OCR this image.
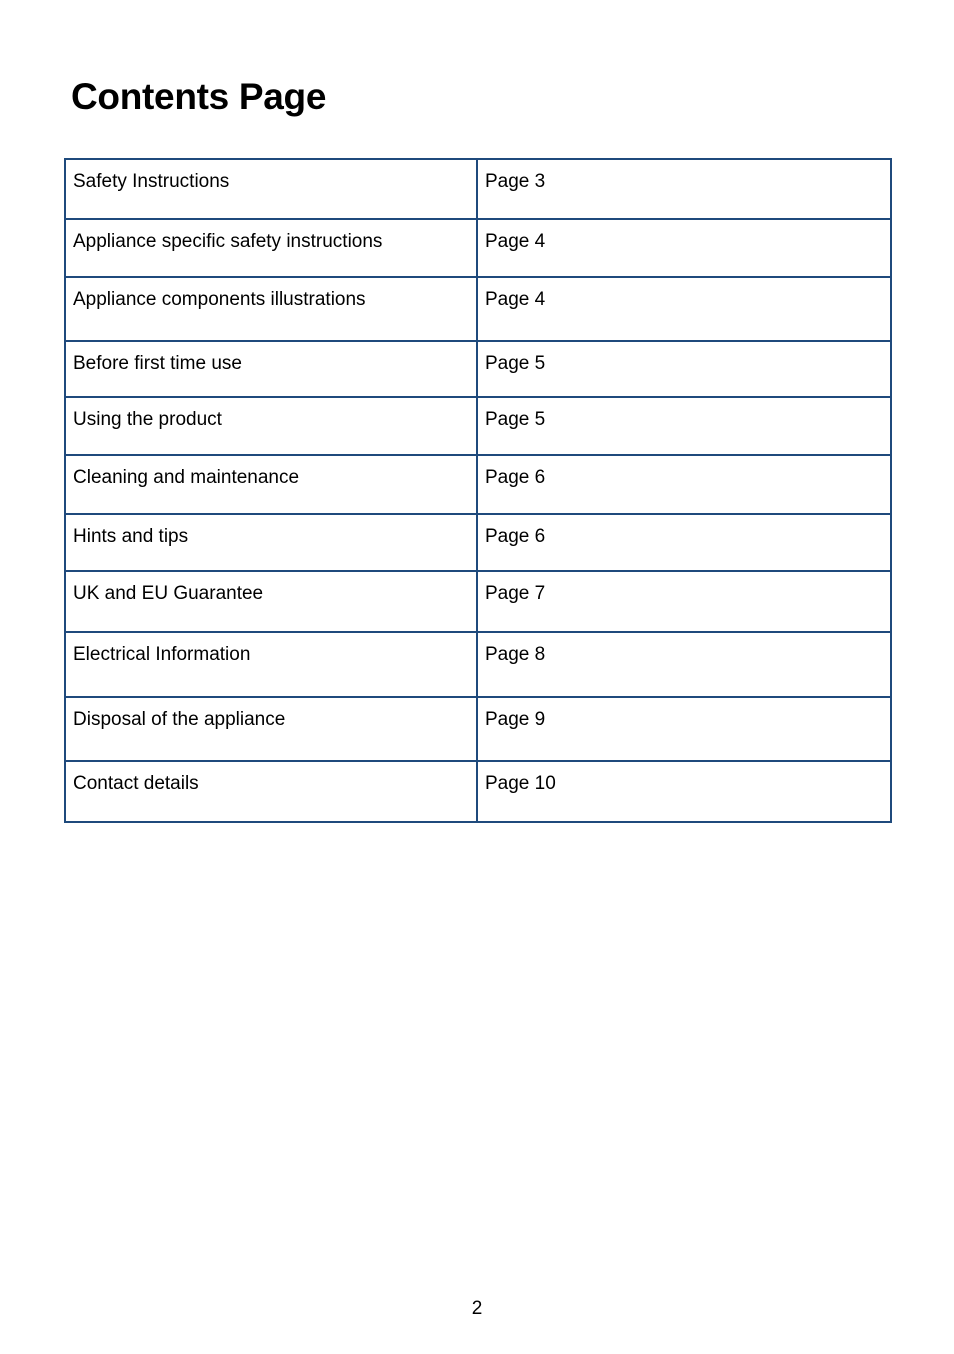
Contents Page
Safety Instructions	Page 3
Appliance specific safety instructions	Page 4
Appliance components illustrations	Page 4
Before first time use	Page 5
Using the product	Page 5
Cleaning and maintenance	Page 6
Hints and tips	Page 6
UK and EU Guarantee	Page 7
Electrical Information	Page 8
Disposal of the appliance	Page 9
Contact details	Page 10
2
